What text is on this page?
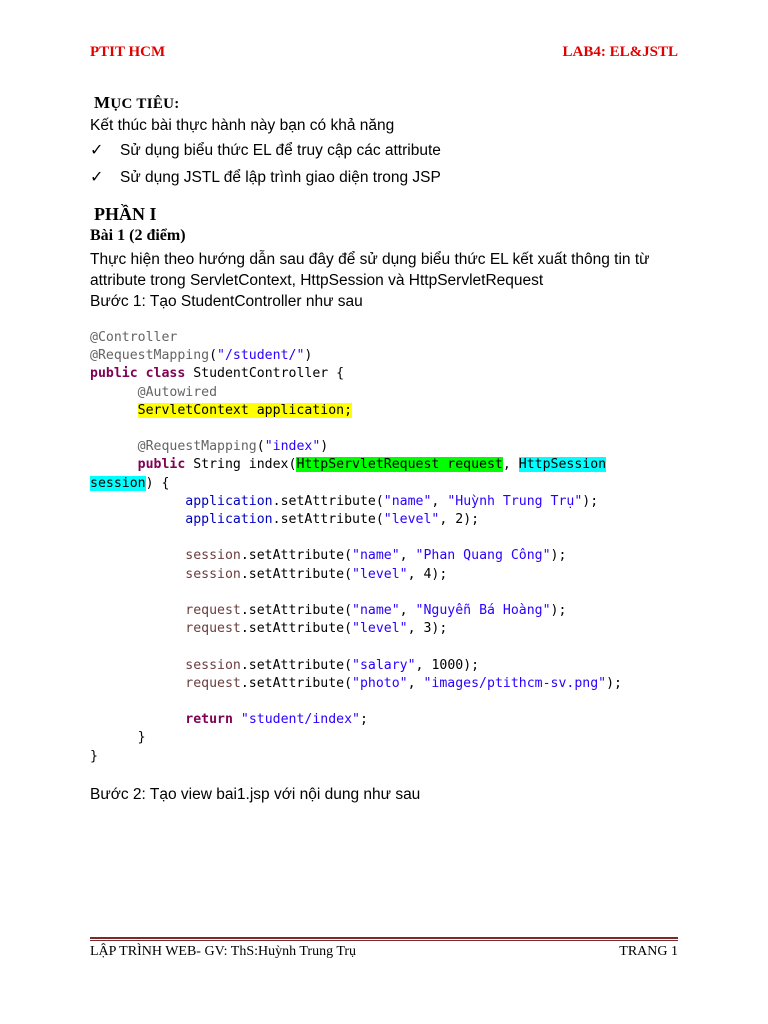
PTIT HCM	LAB4: EL&JSTL
MỤC TIÊU:

Kết thúc bài thực hành này bạn có khả năng

✓ Sử dụng biểu thức EL để truy cập các attribute
✓ Sử dụng JSTL để lập trình giao diện trong JSP
PHẦN I
Bài 1 (2 điểm)

Thực hiện theo hướng dẫn sau đây để sử dụng biểu thức EL kết xuất thông tin từ attribute trong ServletContext, HttpSession và HttpServletRequest

Bước 1: Tạo StudentController như sau

@Controller
@RequestMapping("/student/")
public class StudentController {
@Autowired
ServletContext application;

@RequestMapping("index")
public String index(HttpServletRequest request, HttpSession
session) {
application.setAttribute("name", "Huỳnh Trung Trụ");
application.setAttribute("level", 2);

session.setAttribute("name", "Phan Quang Công");
session.setAttribute("level", 4);

request.setAttribute("name", "Nguyễn Bá Hoàng");
request.setAttribute("level", 3);

session.setAttribute("salary", 1000);
request.setAttribute("photo", "images/ptithcm-sv.png");

return "student/index";
}
}

Bước 2: Tạo view bai1.jsp với nội dung như sau

LẬP TRÌNH WEB- GV: ThS:Huỳnh Trung Trụ	TRANG 1
